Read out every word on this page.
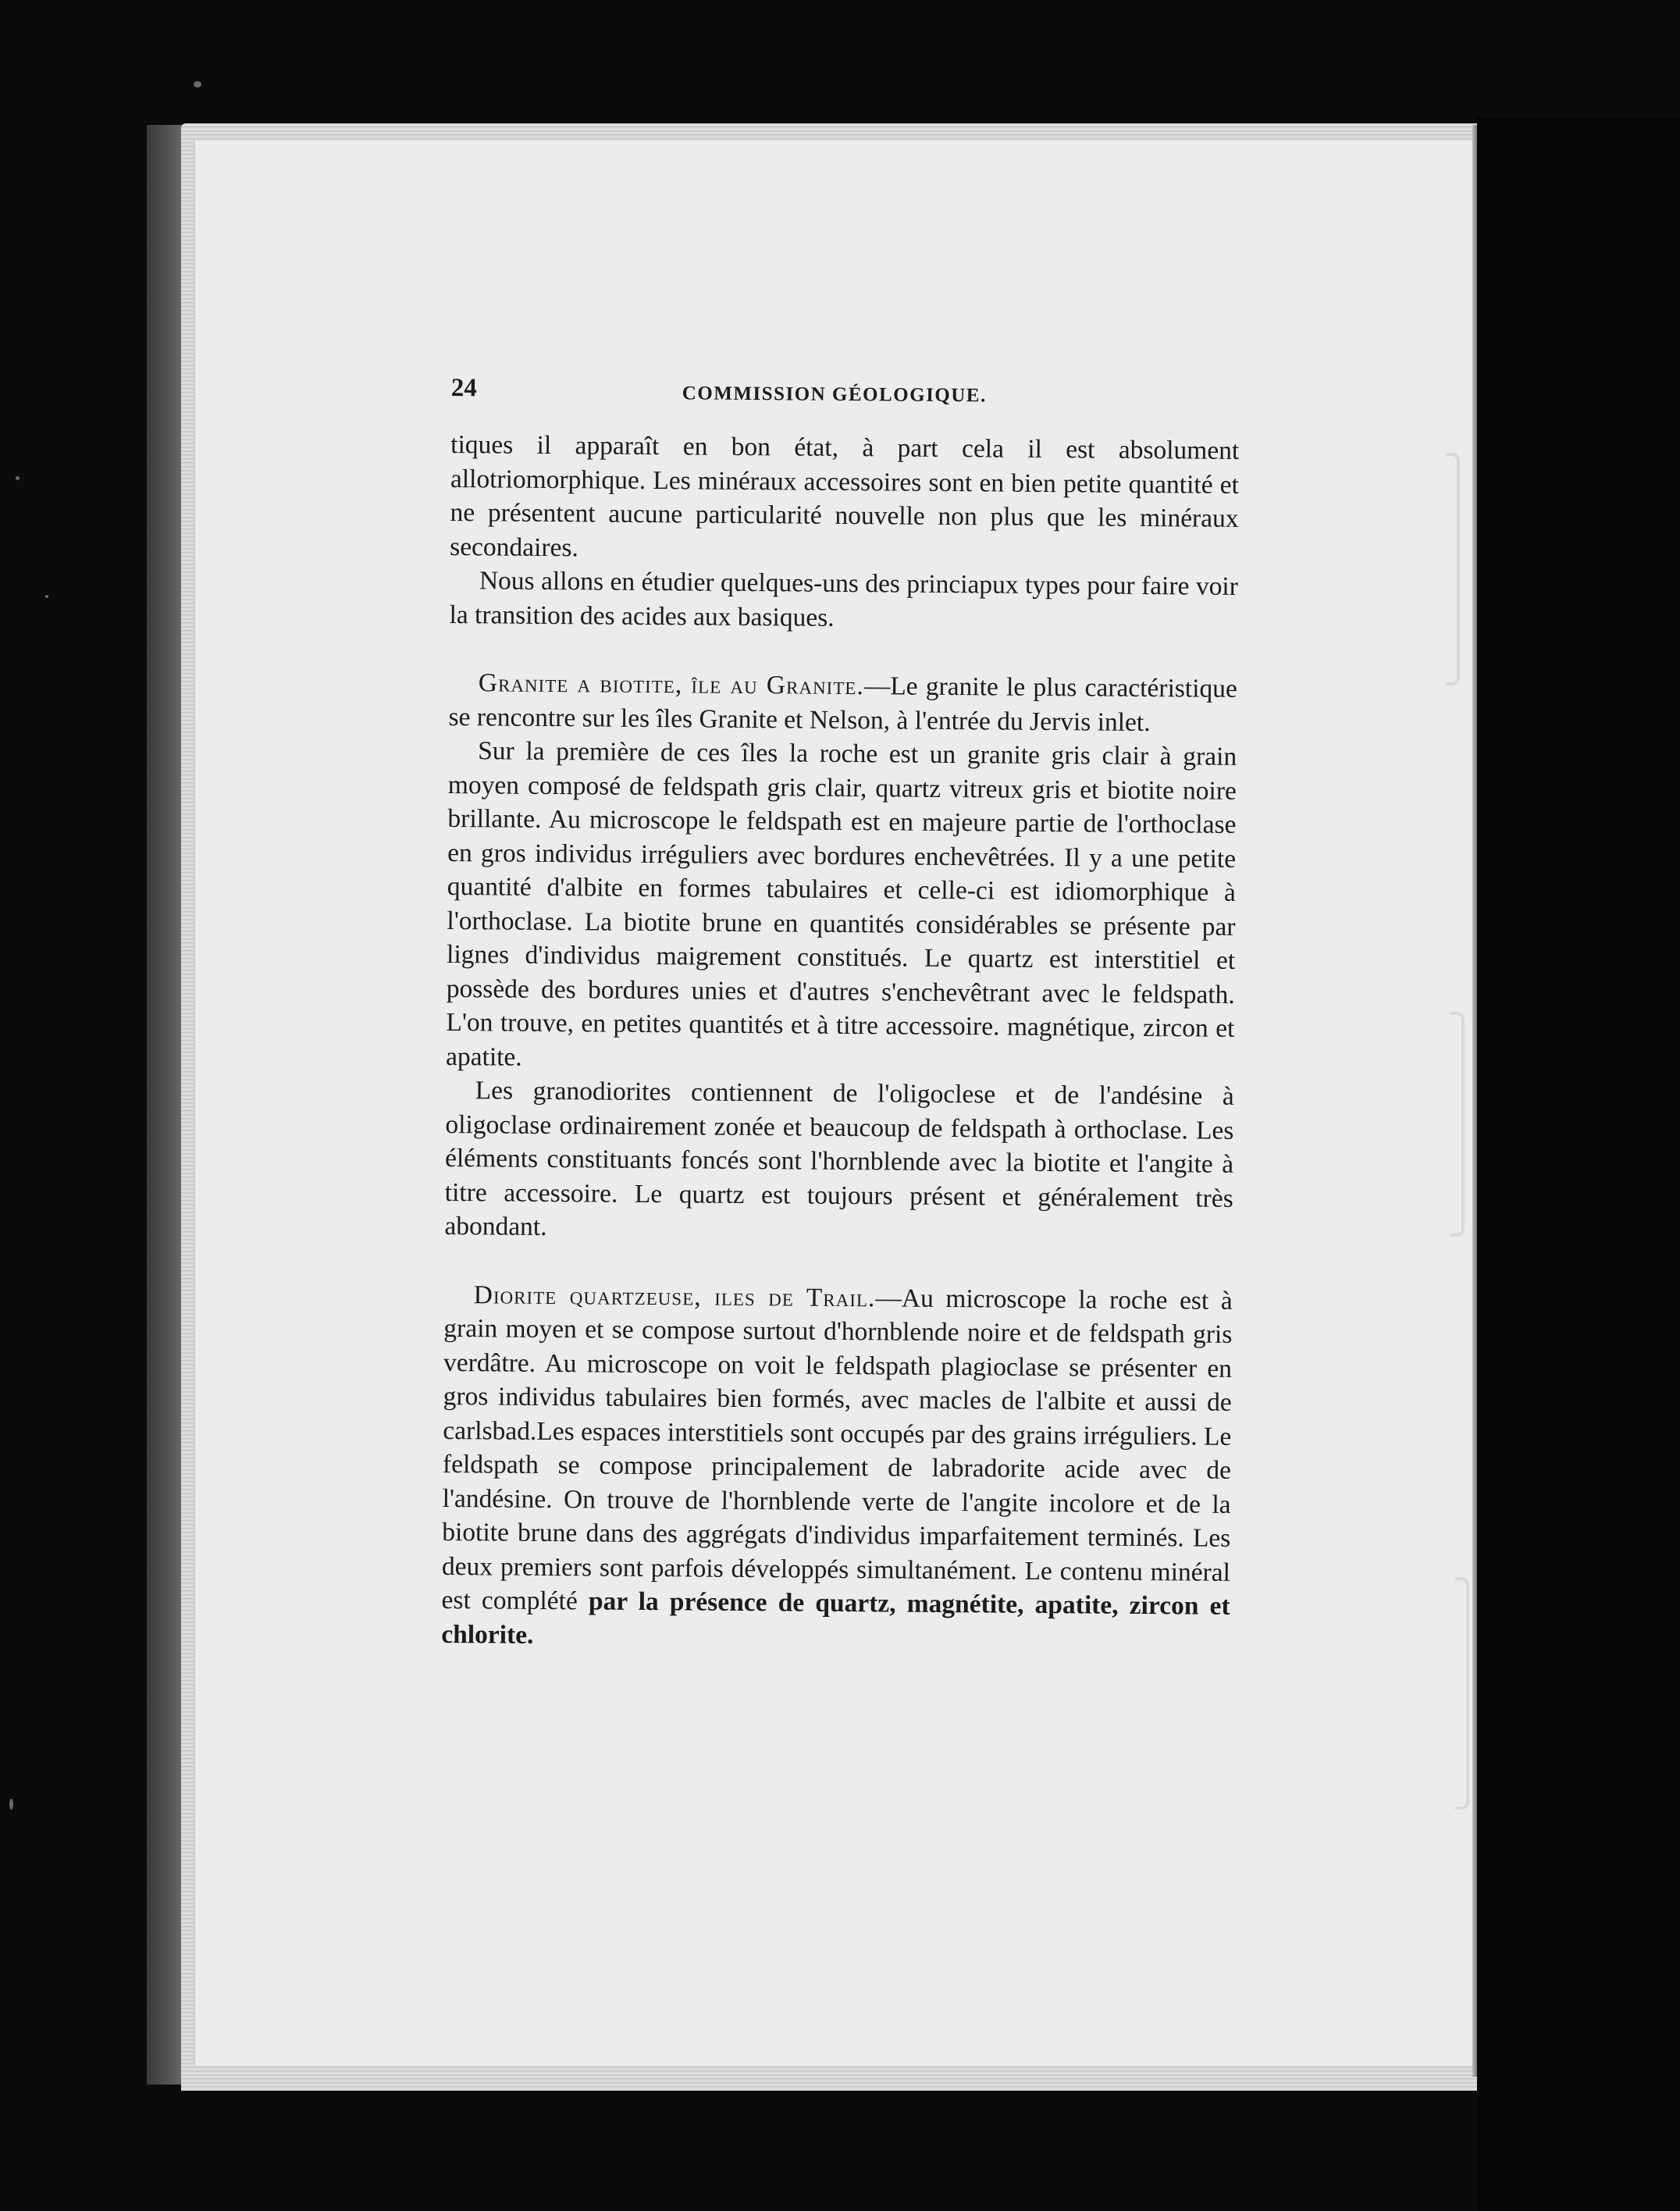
24	COMMISSION GÉOLOGIQUE.

tiques il apparaît en bon état, à part cela il est absolument allotriomorphique. Les minéraux accessoires sont en bien petite quantité et ne présentent aucune particularité nouvelle non plus que les minéraux secondaires.

Nous allons en étudier quelques-uns des princiapux types pour faire voir la transition des acides aux basiques.

Granite a biotite, île au Granite.—Le granite le plus caractéristique se rencontre sur les îles Granite et Nelson, à l'entrée du Jervis inlet.

Sur la première de ces îles la roche est un granite gris clair à grain moyen composé de feldspath gris clair, quartz vitreux gris et biotite noire brillante. Au microscope le feldspath est en majeure partie de l'orthoclase en gros individus irréguliers avec bordures enchevêtrées. Il y a une petite quantité d'albite en formes tabulaires et celle-ci est idiomorphique à l'orthoclase. La biotite brune en quantités considérables se présente par lignes d'individus maigrement constitués. Le quartz est interstitiel et possède des bordures unies et d'autres s'enchevêtrant avec le feldspath. L'on trouve, en petites quantités et à titre accessoire. magnétique, zircon et apatite.

Les granodiorites contiennent de l'oligoclese et de l'andésine à oligoclase ordinairement zonée et beaucoup de feldspath à orthoclase. Les éléments constituants foncés sont l'hornblende avec la biotite et l'angite à titre accessoire. Le quartz est toujours présent et généralement très abondant.

Diorite quartzeuse, iles de Trail.—Au microscope la roche est à grain moyen et se compose surtout d'hornblende noire et de feldspath gris verdâtre. Au microscope on voit le feldspath plagioclase se présenter en gros individus tabulaires bien formés, avec macles de l'albite et aussi de carlsbad.Les espaces interstitiels sont occupés par des grains irréguliers. Le feldspath se compose principalement de labradorite acide avec de l'andésine. On trouve de l'hornblende verte de l'angite incolore et de la biotite brune dans des aggrégats d'individus imparfaitement terminés. Les deux premiers sont parfois développés simultanément. Le contenu minéral est complété par la présence de quartz, magnétite, apatite, zircon et chlorite.
